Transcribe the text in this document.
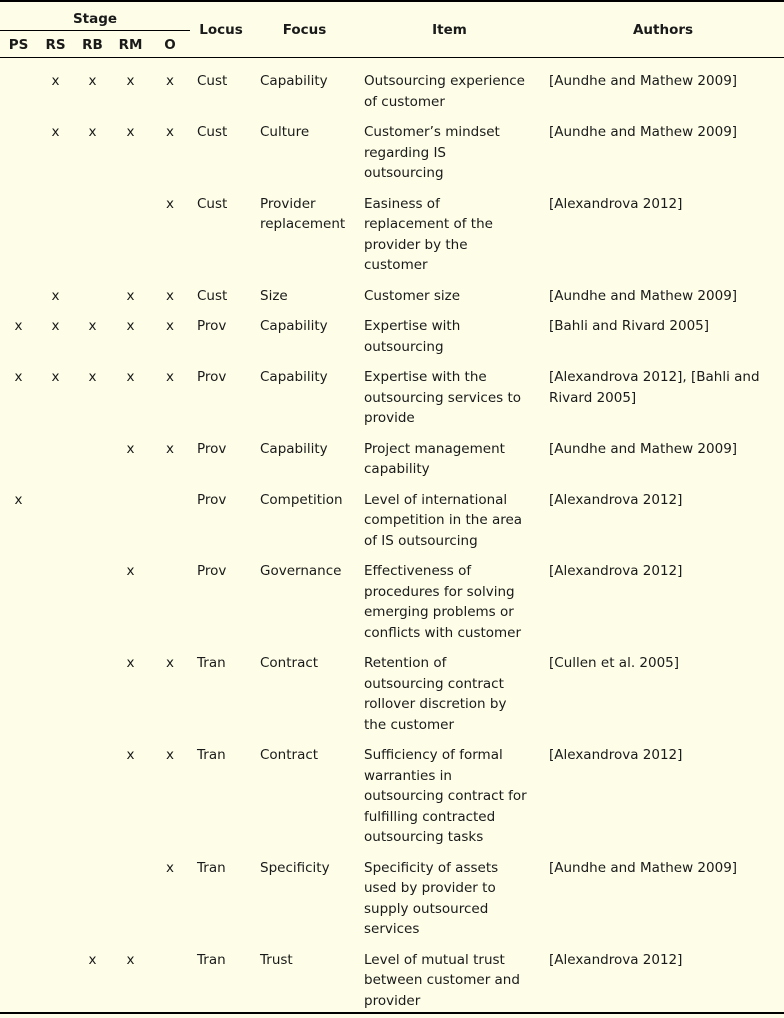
Stage					Locus	Focus	Item	Authors

PS	RS	RB	RM	O				

	x	x	x	x	Cust	Capability	Outsourcing experience of customer	[Aundhe and Mathew 2009]
	x	x	x	x	Cust	Culture	Customer’s mindset regarding IS outsourcing	[Aundhe and Mathew 2009]
				x	Cust	Provider replacement	Easiness of replacement of the provider by the customer	[Alexandrova 2012]
	x		x	x	Cust	Size	Customer size	[Aundhe and Mathew 2009]
x	x	x	x	x	Prov	Capability	Expertise with outsourcing	[Bahli and Rivard 2005]
x	x	x	x	x	Prov	Capability	Expertise with the outsourcing services to provide	[Alexandrova 2012], [Bahli and Rivard 2005]
			x	x	Prov	Capability	Project management capability	[Aundhe and Mathew 2009]
x					Prov	Competition	Level of international competition in the area of IS outsourcing	[Alexandrova 2012]
			x		Prov	Governance	Effectiveness of procedures for solving emerging problems or conflicts with customer	[Alexandrova 2012]
			x	x	Tran	Contract	Retention of outsourcing contract rollover discretion by the customer	[Cullen et al. 2005]
			x	x	Tran	Contract	Sufficiency of formal warranties in outsourcing contract for fulfilling contracted outsourcing tasks	[Alexandrova 2012]
				x	Tran	Specificity	Specificity of assets used by provider to supply outsourced services	[Aundhe and Mathew 2009]
		x	x		Tran	Trust	Level of mutual trust between customer and provider	[Alexandrova 2012]
